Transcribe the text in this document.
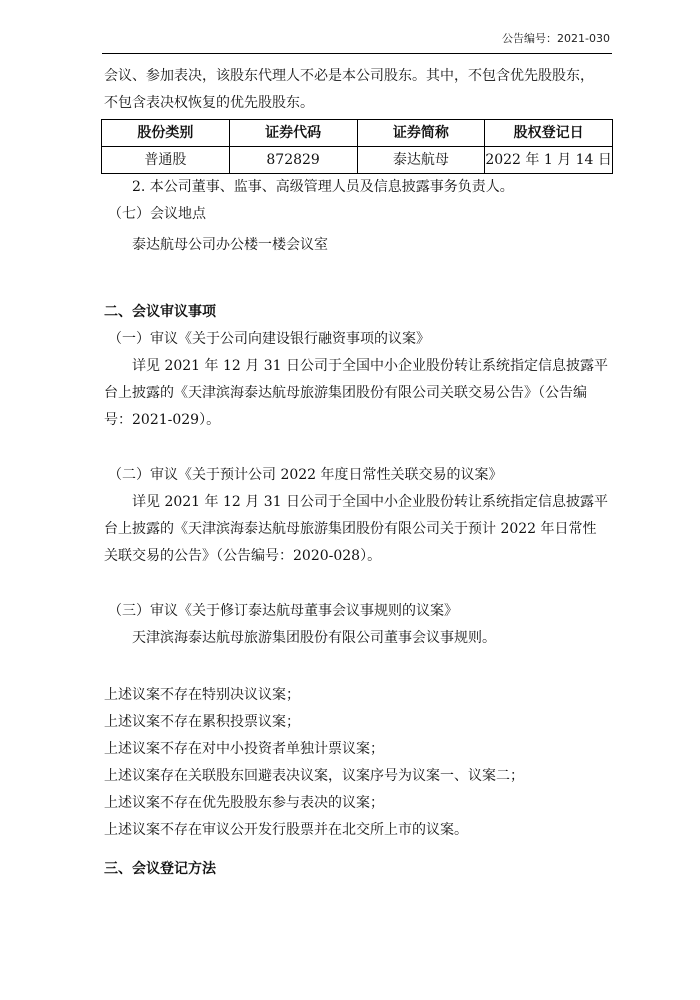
公告编号：2021-030

会议、参加表决，该股东代理人不必是本公司股东。其中，不包含优先股股东，

不包含表决权恢复的优先股股东。

股份类别	证券代码	证券简称	股权登记日
普通股	872829	泰达航母	2022 年 1 月 14 日

2. 本公司董事、监事、高级管理人员及信息披露事务负责人。

（七）会议地点

泰达航母公司办公楼一楼会议室

二、会议审议事项

（一）审议《关于公司向建设银行融资事项的议案》

详见 2021 年 12 月 31 日公司于全国中小企业股份转让系统指定信息披露平

台上披露的《天津滨海泰达航母旅游集团股份有限公司关联交易公告》（公告编

号：2021-029）。

（二）审议《关于预计公司 2022 年度日常性关联交易的议案》

详见 2021 年 12 月 31 日公司于全国中小企业股份转让系统指定信息披露平

台上披露的《天津滨海泰达航母旅游集团股份有限公司关于预计 2022 年日常性

关联交易的公告》（公告编号：2020-028）。

（三）审议《关于修订泰达航母董事会议事规则的议案》

天津滨海泰达航母旅游集团股份有限公司董事会议事规则。

上述议案不存在特别决议议案；

上述议案不存在累积投票议案；

上述议案不存在对中小投资者单独计票议案；

上述议案存在关联股东回避表决议案，议案序号为议案一、议案二；

上述议案不存在优先股股东参与表决的议案；

上述议案不存在审议公开发行股票并在北交所上市的议案。

三、会议登记方法
